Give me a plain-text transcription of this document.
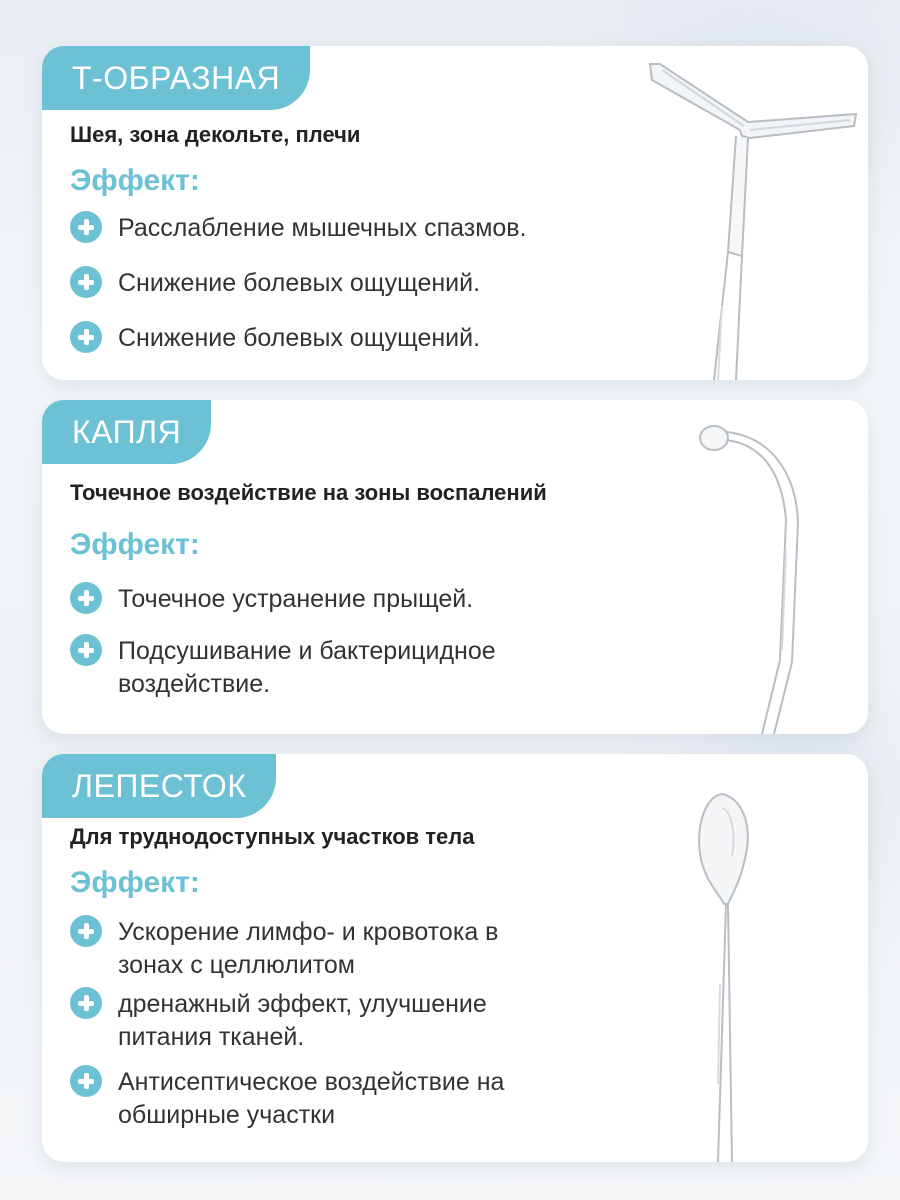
Т-ОБРАЗНАЯ
Шея, зона декольте, плечи
Эффект:
Расслабление мышечных спазмов.
Снижение болевых ощущений.
Снижение болевых ощущений.
КАПЛЯ
Точечное воздействие на зоны воспалений
Эффект:
Точечное устранение прыщей.
Подсушивание и бактерицидное воздействие.
ЛЕПЕСТОК
Для труднодоступных участков тела
Эффект:
Ускорение лимфо- и кровотока в зонах с целлюлитом
дренажный эффект, улучшение питания тканей.
Антисептическое воздействие на обширные участки
